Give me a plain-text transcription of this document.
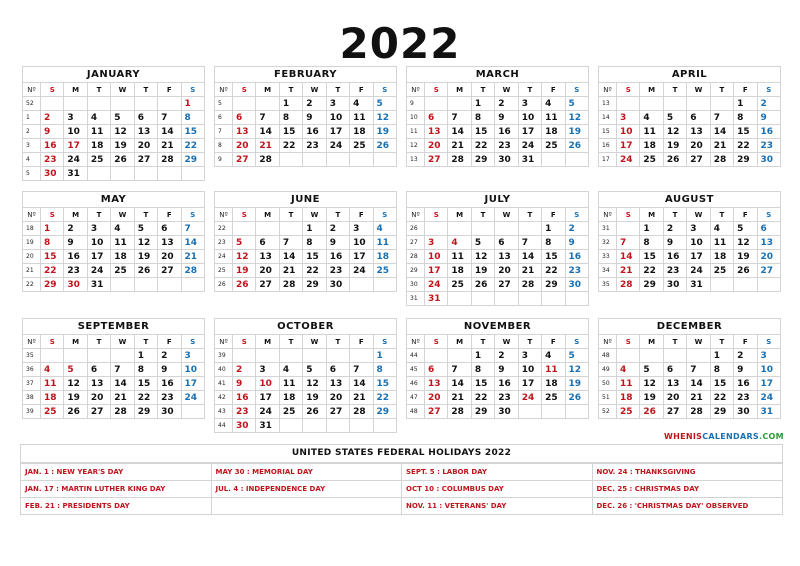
2022
JANUARY
Nº	S	M	T	W	T	F	S
52							1
1	2	3	4	5	6	7	8
2	9	10	11	12	13	14	15
3	16	17	18	19	20	21	22
4	23	24	25	26	27	28	29
5	30	31					
FEBRUARY
Nº	S	M	T	W	T	F	S
5			1	2	3	4	5
6	6	7	8	9	10	11	12
7	13	14	15	16	17	18	19
8	20	21	22	23	24	25	26
9	27	28					
MARCH
Nº	S	M	T	W	T	F	S
9			1	2	3	4	5
10	6	7	8	9	10	11	12
11	13	14	15	16	17	18	19
12	20	21	22	23	24	25	26
13	27	28	29	30	31		
APRIL
Nº	S	M	T	W	T	F	S
13						1	2
14	3	4	5	6	7	8	9
15	10	11	12	13	14	15	16
16	17	18	19	20	21	22	23
17	24	25	26	27	28	29	30
MAY
Nº	S	M	T	W	T	F	S
18	1	2	3	4	5	6	7
19	8	9	10	11	12	13	14
20	15	16	17	18	19	20	21
21	22	23	24	25	26	27	28
22	29	30	31				
JUNE
Nº	S	M	T	W	T	F	S
22				1	2	3	4
23	5	6	7	8	9	10	11
24	12	13	14	15	16	17	18
25	19	20	21	22	23	24	25
26	26	27	28	29	30		
JULY
Nº	S	M	T	W	T	F	S
26						1	2
27	3	4	5	6	7	8	9
28	10	11	12	13	14	15	16
29	17	18	19	20	21	22	23
30	24	25	26	27	28	29	30
31	31						
AUGUST
Nº	S	M	T	W	T	F	S
31		1	2	3	4	5	6
32	7	8	9	10	11	12	13
33	14	15	16	17	18	19	20
34	21	22	23	24	25	26	27
35	28	29	30	31			
SEPTEMBER
Nº	S	M	T	W	T	F	S
35					1	2	3
36	4	5	6	7	8	9	10
37	11	12	13	14	15	16	17
38	18	19	20	21	22	23	24
39	25	26	27	28	29	30	
OCTOBER
Nº	S	M	T	W	T	F	S
39							1
40	2	3	4	5	6	7	8
41	9	10	11	12	13	14	15
42	16	17	18	19	20	21	22
43	23	24	25	26	27	28	29
44	30	31					
NOVEMBER
Nº	S	M	T	W	T	F	S
44			1	2	3	4	5
45	6	7	8	9	10	11	12
46	13	14	15	16	17	18	19
47	20	21	22	23	24	25	26
48	27	28	29	30			
DECEMBER
Nº	S	M	T	W	T	F	S
48					1	2	3
49	4	5	6	7	8	9	10
50	11	12	13	14	15	16	17
51	18	19	20	21	22	23	24
52	25	26	27	28	29	30	31
WHENISCALENDARS.COM
UNITED STATES FEDERAL HOLIDAYS 2022
JAN. 1 : NEW YEAR'S DAY	MAY 30 : MEMORIAL DAY	SEPT. 5 : LABOR DAY	NOV. 24 : THANKSGIVING
JAN. 17 : MARTIN LUTHER KING DAY	JUL. 4 : INDEPENDENCE DAY	OCT 10 : COLUMBUS DAY	DEC. 25 : CHRISTMAS DAY
FEB. 21 : PRESIDENTS DAY		NOV. 11 : VETERANS' DAY	DEC. 26 : 'CHRISTMAS DAY' OBSERVED
